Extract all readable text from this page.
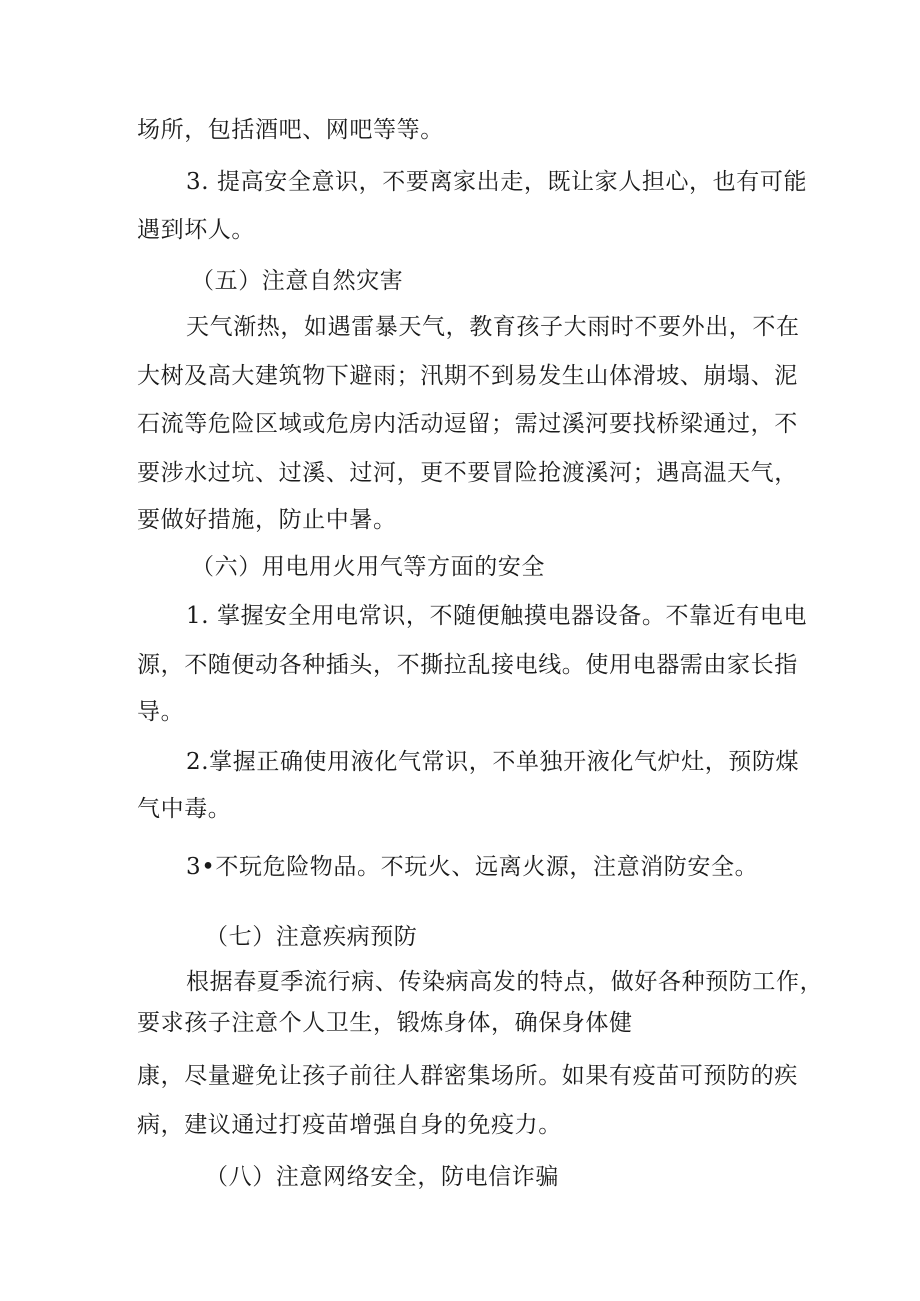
场所，包括酒吧、网吧等等。
3. 提高安全意识，不要离家出走，既让家人担心，也有可能
遇到坏人。
（五）注意自然灾害
天气渐热，如遇雷暴天气，教育孩子大雨时不要外出，不在
大树及高大建筑物下避雨；汛期不到易发生山体滑坡、崩塌、泥
石流等危险区域或危房内活动逗留；需过溪河要找桥梁通过，不
要涉水过坑、过溪、过河，更不要冒险抢渡溪河；遇高温天气，
要做好措施，防止中暑。
（六）用电用火用气等方面的安全
1. 掌握安全用电常识，不随便触摸电器设备。不靠近有电电
源，不随便动各种插头，不撕拉乱接电线。使用电器需由家长指
导。
2.掌握正确使用液化气常识，不单独开液化气炉灶，预防煤
气中毒。
3•不玩危险物品。不玩火、远离火源，注意消防安全。
（七）注意疾病预防
根据春夏季流行病、传染病高发的特点，做好各种预防工作，
要求孩子注意个人卫生，锻炼身体，确保身体健
康，尽量避免让孩子前往人群密集场所。如果有疫苗可预防的疾
病，建议通过打疫苗增强自身的免疫力。
（八）注意网络安全，防电信诈骗
